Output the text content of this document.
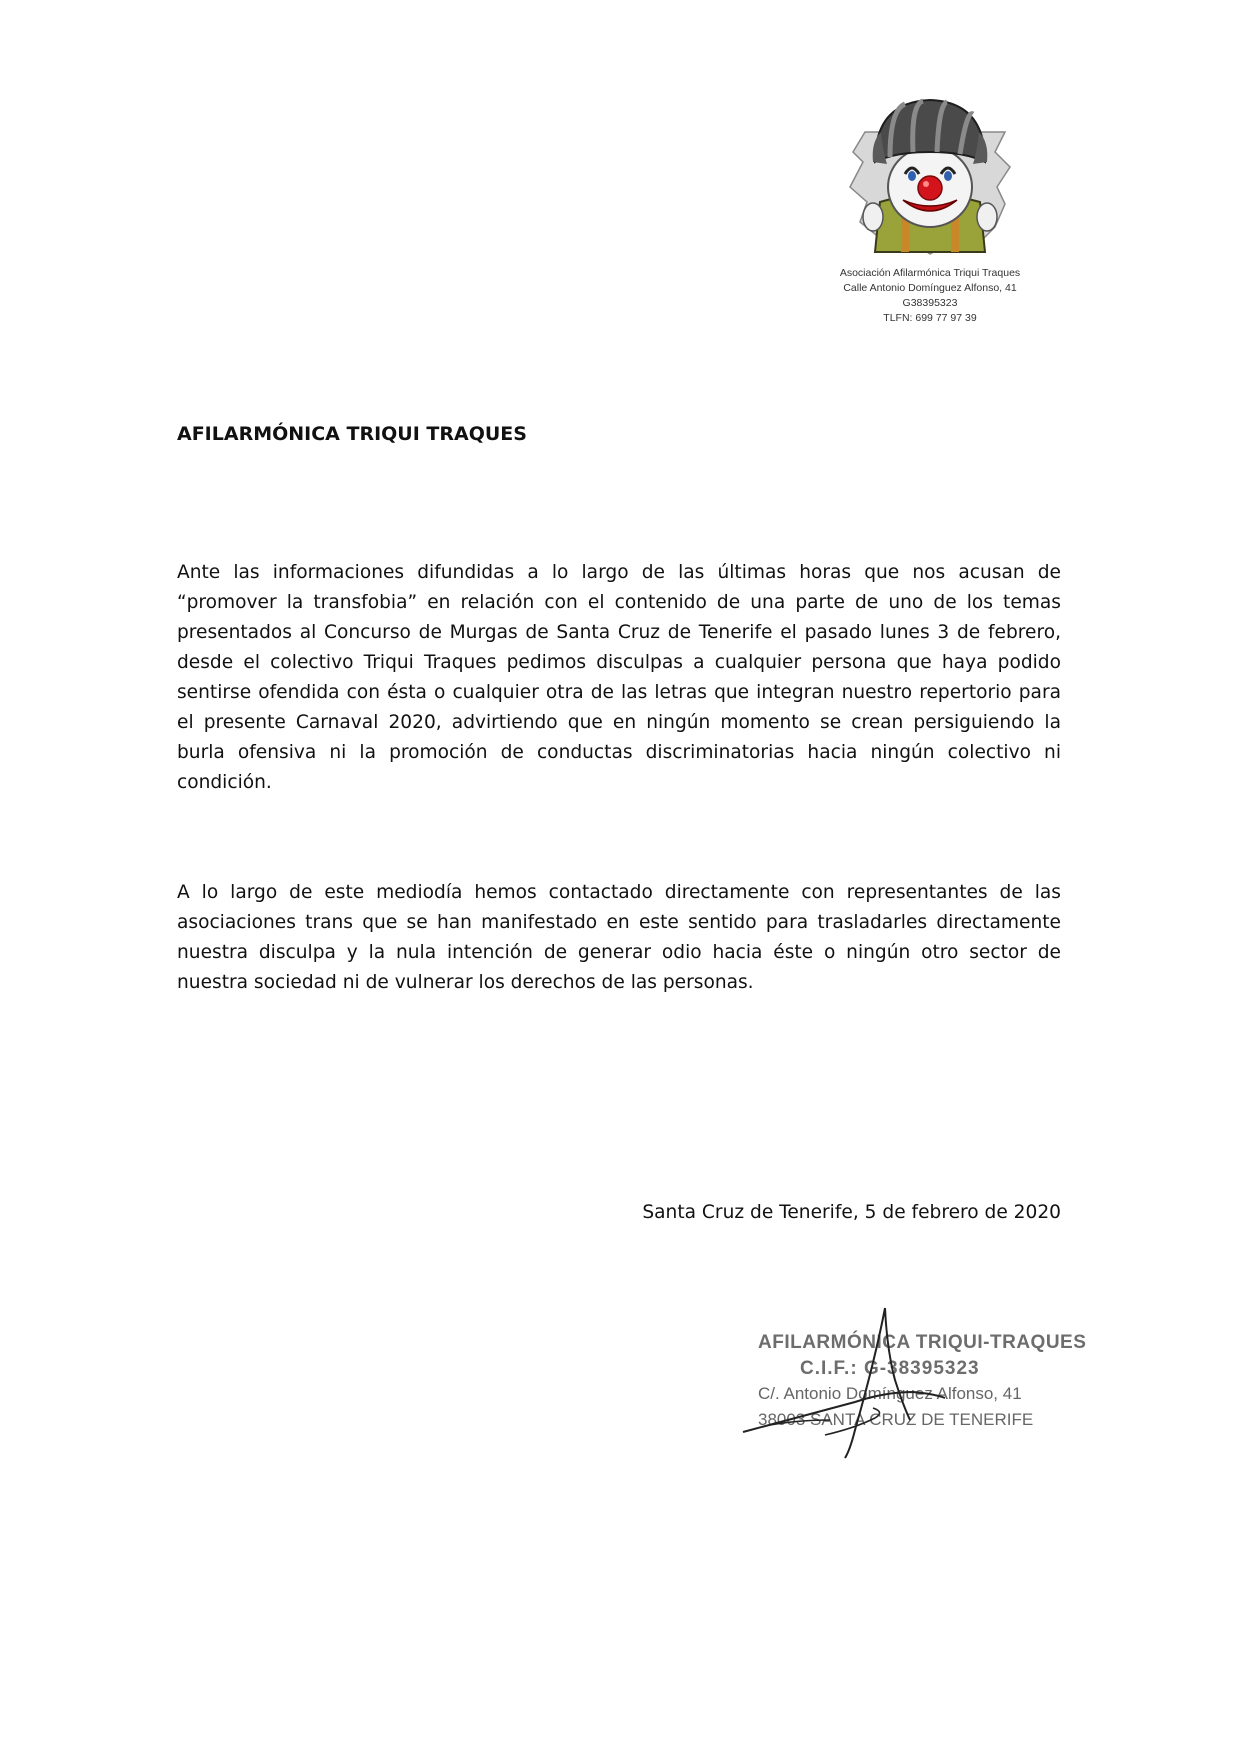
Asociación Afilarmónica Triqui Traques
Calle Antonio Domínguez Alfonso, 41
G38395323
TLFN: 699 77 97 39
AFILARMÓNICA TRIQUI TRAQUES

Ante las informaciones difundidas a lo largo de las últimas horas que nos acusan de “promover la transfobia” en relación con el contenido de una parte de uno de los temas presentados al Concurso de Murgas de Santa Cruz de Tenerife el pasado lunes 3 de febrero, desde el colectivo Triqui Traques pedimos disculpas a cualquier persona que haya podido sentirse ofendida con ésta o cualquier otra de las letras que integran nuestro repertorio para el presente Carnaval 2020, advirtiendo que en ningún momento se crean persiguiendo la burla ofensiva ni la promoción de conductas discriminatorias hacia ningún colectivo ni condición.

A lo largo de este mediodía hemos contactado directamente con representantes de las asociaciones trans que se han manifestado en este sentido para trasladarles directamente nuestra disculpa y la nula intención de generar odio hacia éste o ningún otro sector de nuestra sociedad ni de vulnerar los derechos de las personas.

Santa Cruz de Tenerife, 5 de febrero de 2020
AFILARMÓNICA TRIQUI-TRAQUES
C.I.F.: G-38395323
C/. Antonio Domínguez Alfonso, 41
38003 SANTA CRUZ DE TENERIFE
